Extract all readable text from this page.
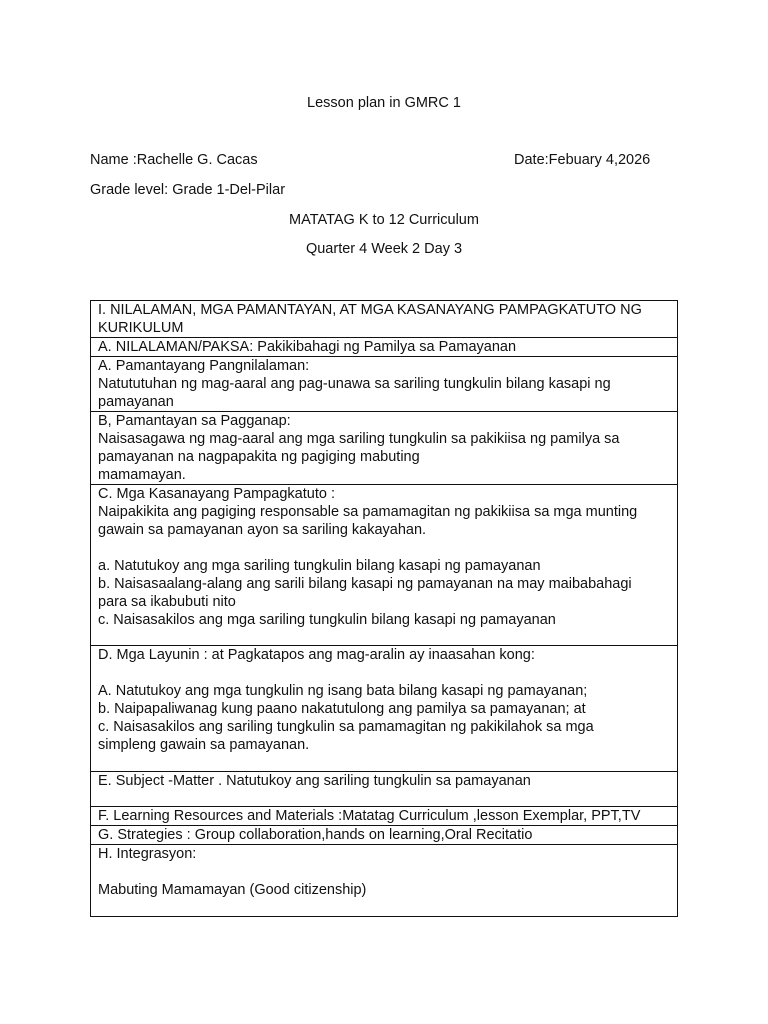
Lesson plan in GMRC 1
Name :Rachelle G. Cacas	Date:Febuary 4,2026
Grade level: Grade 1-Del-Pilar
MATATAG K to 12 Curriculum
Quarter 4 Week 2 Day 3
I. NILALAMAN, MGA PAMANTAYAN, AT MGA KASANAYANG PAMPAGKATUTO NG
KURIKULUM
A. NILALAMAN/PAKSA: Pakikibahagi ng Pamilya sa Pamayanan
A. Pamantayang Pangnilalaman:
Natututuhan ng mag-aaral ang pag-unawa sa sariling tungkulin bilang kasapi ng
pamayanan
B, Pamantayan sa Pagganap:
Naisasagawa ng mag-aaral ang mga sariling tungkulin sa pakikiisa ng pamilya sa
pamayanan na nagpapakita ng pagiging mabuting
mamamayan.
C. Mga Kasanayang Pampagkatuto :
Naipakikita ang pagiging responsable sa pamamagitan ng pakikiisa sa mga munting
gawain sa pamayanan ayon sa sariling kakayahan.

a. Natutukoy ang mga sariling tungkulin bilang kasapi ng pamayanan
b. Naisasaalang-alang ang sarili bilang kasapi ng pamayanan na may maibabahagi
para sa ikabubuti nito
c. Naisasakilos ang mga sariling tungkulin bilang kasapi ng pamayanan
D. Mga Layunin : at Pagkatapos ang mag-aralin ay inaasahan kong:

A. Natutukoy ang mga tungkulin ng isang bata bilang kasapi ng pamayanan;
b. Naipapaliwanag kung paano nakatutulong ang pamilya sa pamayanan; at
c. Naisasakilos ang sariling tungkulin sa pamamagitan ng pakikilahok sa mga
simpleng gawain sa pamayanan.
E. Subject -Matter . Natutukoy ang sariling tungkulin sa pamayanan
F. Learning Resources and Materials :Matatag Curriculum ,lesson Exemplar, PPT,TV
G. Strategies : Group collaboration,hands on learning,Oral Recitatio
H. Integrasyon:

Mabuting Mamamayan (Good citizenship)
